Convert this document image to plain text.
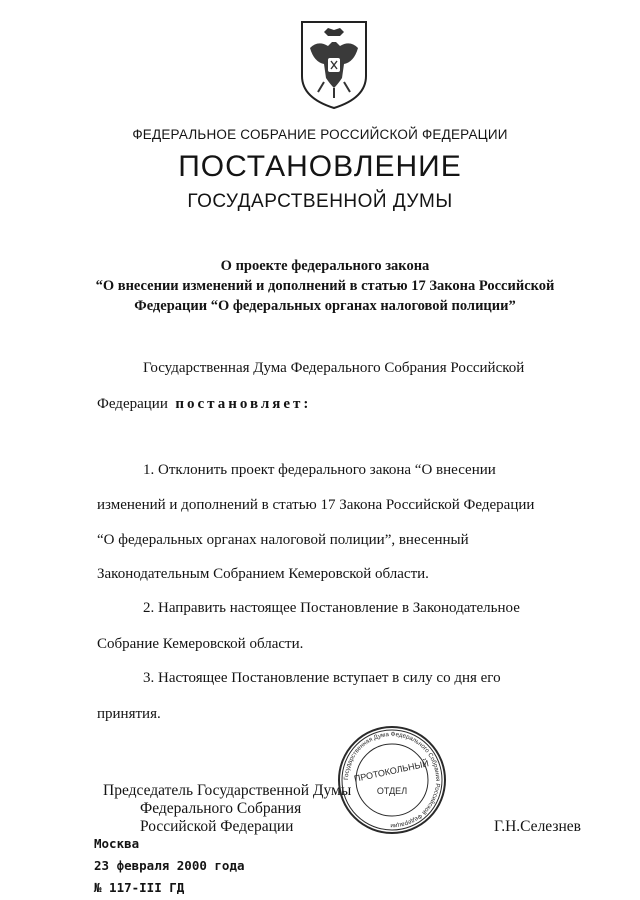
ФЕДЕРАЛЬНОЕ СОБРАНИЕ РОССИЙСКОЙ ФЕДЕРАЦИИ
ПОСТАНОВЛЕНИЕ
ГОСУДАРСТВЕННОЙ ДУМЫ
О проекте федерального закона
“О внесении изменений и дополнений в статью 17 Закона Российской
Федерации “О федеральных органах налоговой полиции”
Государственная Дума Федерального Собрания Российской
Федерации постановляет:
1. Отклонить проект федерального закона “О внесении
изменений и дополнений в статью 17 Закона Российской Федерации
“О федеральных органах налоговой полиции”, внесенный
Законодательным Собранием Кемеровской области.
2. Направить настоящее Постановление в Законодательное
Собрание Кемеровской области.
3. Настоящее Постановление вступает в силу со дня его
принятия.
Председатель Государственной Думы
Федерального Собрания
Российской Федерации	Г.Н.Селезнев
Государственная Дума Федерального Собрания Российской Федерации
ПРОТОКОЛЬНЫЙ
ОТДЕЛ
Москва
23 февраля 2000 года
№ 117-III ГД
